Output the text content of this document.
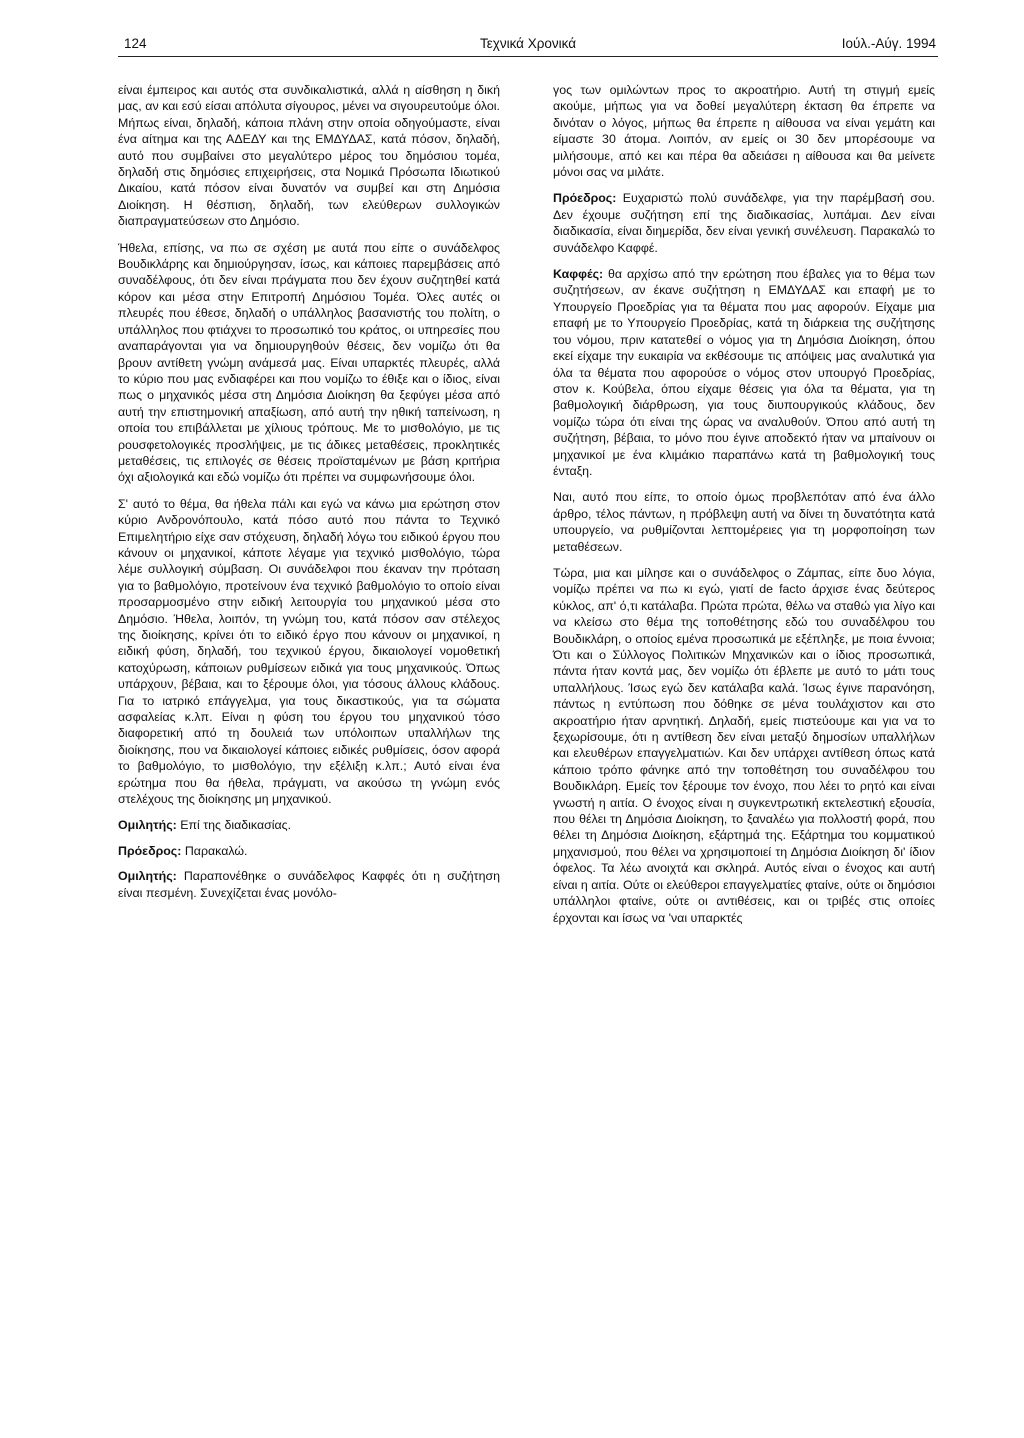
124	Τεχνικά Χρονικά	Ιούλ.-Αύγ. 1994

είναι έμπειρος και αυτός στα συνδικαλιστικά, αλλά η αίσθηση η δική μας, αν και εσύ είσαι απόλυτα σίγουρος, μένει να σιγουρευτούμε όλοι. Μήπως είναι, δηλαδή, κάποια πλάνη στην οποία οδηγούμαστε, είναι ένα αίτημα και της ΑΔΕΔΥ και της ΕΜΔΥΔΑΣ, κατά πόσον, δηλαδή, αυτό που συμβαίνει στο μεγαλύτερο μέρος του δημόσιου τομέα, δηλαδή στις δημόσιες επιχειρήσεις, στα Νομικά Πρόσωπα Ιδιωτικού Δικαίου, κατά πόσον είναι δυνατόν να συμβεί και στη Δημόσια Διοίκηση. Η θέσπιση, δηλαδή, των ελεύθερων συλλογικών διαπραγματεύσεων στο Δημόσιο.

Ήθελα, επίσης, να πω σε σχέση με αυτά που είπε ο συνάδελφος Βουδικλάρης και δημιούργησαν, ίσως, και κάποιες παρεμβάσεις από συναδέλφους, ότι δεν είναι πράγματα που δεν έχουν συζητηθεί κατά κόρον και μέσα στην Επιτροπή Δημόσιου Τομέα. Όλες αυτές οι πλευρές που έθεσε, δηλαδή ο υπάλληλος βασανιστής του πολίτη, ο υπάλληλος που φτιάχνει το προσωπικό του κράτος, οι υπηρεσίες που αναπαράγονται για να δημιουργηθούν θέσεις, δεν νομίζω ότι θα βρουν αντίθετη γνώμη ανάμεσά μας. Είναι υπαρκτές πλευρές, αλλά το κύριο που μας ενδιαφέρει και που νομίζω το έθιξε και ο ίδιος, είναι πως ο μηχανικός μέσα στη Δημόσια Διοίκηση θα ξεφύγει μέσα από αυτή την επιστημονική απαξίωση, από αυτή την ηθική ταπείνωση, η οποία του επιβάλλεται με χίλιους τρόπους. Με το μισθολόγιο, με τις ρουσφετολογικές προσλήψεις, με τις άδικες μεταθέσεις, προκλητικές μεταθέσεις, τις επιλογές σε θέσεις προϊσταμένων με βάση κριτήρια όχι αξιολογικά και εδώ νομίζω ότι πρέπει να συμφωνήσουμε όλοι.

Σ' αυτό το θέμα, θα ήθελα πάλι και εγώ να κάνω μια ερώτηση στον κύριο Ανδρονόπουλο, κατά πόσο αυτό που πάντα το Τεχνικό Επιμελητήριο είχε σαν στόχευση, δηλαδή λόγω του ειδικού έργου που κάνουν οι μηχανικοί, κάποτε λέγαμε για τεχνικό μισθολόγιο, τώρα λέμε συλλογική σύμβαση. Οι συνάδελφοι που έκαναν την πρόταση για το βαθμολόγιο, προτείνουν ένα τεχνικό βαθμολόγιο το οποίο είναι προσαρμοσμένο στην ειδική λειτουργία του μηχανικού μέσα στο Δημόσιο. Ήθελα, λοιπόν, τη γνώμη του, κατά πόσον σαν στέλεχος της διοίκησης, κρίνει ότι το ειδικό έργο που κάνουν οι μηχανικοί, η ειδική φύση, δηλαδή, του τεχνικού έργου, δικαιολογεί νομοθετική κατοχύρωση, κάποιων ρυθμίσεων ειδικά για τους μηχανικούς. Όπως υπάρχουν, βέβαια, και το ξέρουμε όλοι, για τόσους άλλους κλάδους. Για το ιατρικό επάγγελμα, για τους δικαστικούς, για τα σώματα ασφαλείας κ.λπ. Είναι η φύση του έργου του μηχανικού τόσο διαφορετική από τη δουλειά των υπόλοιπων υπαλλήλων της διοίκησης, που να δικαιολογεί κάποιες ειδικές ρυθμίσεις, όσον αφορά το βαθμολόγιο, το μισθολόγιο, την εξέλιξη κ.λπ.; Αυτό είναι ένα ερώτημα που θα ήθελα, πράγματι, να ακούσω τη γνώμη ενός στελέχους της διοίκησης μη μηχανικού.

Ομιλητής: Επί της διαδικασίας.

Πρόεδρος: Παρακαλώ.

Ομιλητής: Παραπονέθηκε ο συνάδελφος Καφφές ότι η συζήτηση είναι πεσμένη. Συνεχίζεται ένας μονόλο-

γος των ομιλώντων προς το ακροατήριο. Αυτή τη στιγμή εμείς ακούμε, μήπως για να δοθεί μεγαλύτερη έκταση θα έπρεπε να δινόταν ο λόγος, μήπως θα έπρεπε η αίθουσα να είναι γεμάτη και είμαστε 30 άτομα. Λοιπόν, αν εμείς οι 30 δεν μπορέσουμε να μιλήσουμε, από κει και πέρα θα αδειάσει η αίθουσα και θα μείνετε μόνοι σας να μιλάτε.

Πρόεδρος: Ευχαριστώ πολύ συνάδελφε, για την παρέμβασή σου. Δεν έχουμε συζήτηση επί της διαδικασίας, λυπάμαι. Δεν είναι διαδικασία, είναι διημερίδα, δεν είναι γενική συνέλευση. Παρακαλώ το συνάδελφο Καφφέ.

Καφφές: θα αρχίσω από την ερώτηση που έβαλες για το θέμα των συζητήσεων, αν έκανε συζήτηση η ΕΜΔΥΔΑΣ και επαφή με το Υπουργείο Προεδρίας για τα θέματα που μας αφορούν. Είχαμε μια επαφή με το Υπουργείο Προεδρίας, κατά τη διάρκεια της συζήτησης του νόμου, πριν κατατεθεί ο νόμος για τη Δημόσια Διοίκηση, όπου εκεί είχαμε την ευκαιρία να εκθέσουμε τις απόψεις μας αναλυτικά για όλα τα θέματα που αφορούσε ο νόμος στον υπουργό Προεδρίας, στον κ. Κούβελα, όπου είχαμε θέσεις για όλα τα θέματα, για τη βαθμολογική διάρθρωση, για τους διυπουργικούς κλάδους, δεν νομίζω τώρα ότι είναι της ώρας να αναλυθούν. Όπου από αυτή τη συζήτηση, βέβαια, το μόνο που έγινε αποδεκτό ήταν να μπαίνουν οι μηχανικοί με ένα κλιμάκιο παραπάνω κατά τη βαθμολογική τους ένταξη.

Ναι, αυτό που είπε, το οποίο όμως προβλεπόταν από ένα άλλο άρθρο, τέλος πάντων, η πρόβλεψη αυτή να δίνει τη δυνατότητα κατά υπουργείο, να ρυθμίζονται λεπτομέρειες για τη μορφοποίηση των μεταθέσεων.

Τώρα, μια και μίλησε και ο συνάδελφος ο Ζάμπας, είπε δυο λόγια, νομίζω πρέπει να πω κι εγώ, γιατί de facto άρχισε ένας δεύτερος κύκλος, απ' ό,τι κατάλαβα. Πρώτα πρώτα, θέλω να σταθώ για λίγο και να κλείσω στο θέμα της τοποθέτησης εδώ του συναδέλφου του Βουδικλάρη, ο οποίος εμένα προσωπικά με εξέπληξε, με ποια έννοια; Ότι και ο Σύλλογος Πολιτικών Μηχανικών και ο ίδιος προσωπικά, πάντα ήταν κοντά μας, δεν νομίζω ότι έβλεπε με αυτό το μάτι τους υπαλλήλους. Ίσως εγώ δεν κατάλαβα καλά. Ίσως έγινε παρανόηση, πάντως η εντύπωση που δόθηκε σε μένα τουλάχιστον και στο ακροατήριο ήταν αρνητική. Δηλαδή, εμείς πιστεύουμε και για να το ξεχωρίσουμε, ότι η αντίθεση δεν είναι μεταξύ δημοσίων υπαλλήλων και ελευθέρων επαγγελματιών. Και δεν υπάρχει αντίθεση όπως κατά κάποιο τρόπο φάνηκε από την τοποθέτηση του συναδέλφου του Βουδικλάρη. Εμείς τον ξέρουμε τον ένοχο, που λέει το ρητό και είναι γνωστή η αιτία. Ο ένοχος είναι η συγκεντρωτική εκτελεστική εξουσία, που θέλει τη Δημόσια Διοίκηση, το ξαναλέω για πολλοστή φορά, που θέλει τη Δημόσια Διοίκηση, εξάρτημά της. Εξάρτημα του κομματικού μηχανισμού, που θέλει να χρησιμοποιεί τη Δημόσια Διοίκηση δι' ίδιον όφελος. Τα λέω ανοιχτά και σκληρά. Αυτός είναι ο ένοχος και αυτή είναι η αιτία. Ούτε οι ελεύθεροι επαγγελματίες φταίνε, ούτε οι δημόσιοι υπάλληλοι φταίνε, ούτε οι αντιθέσεις, και οι τριβές στις οποίες έρχονται και ίσως να 'ναι υπαρκτές
